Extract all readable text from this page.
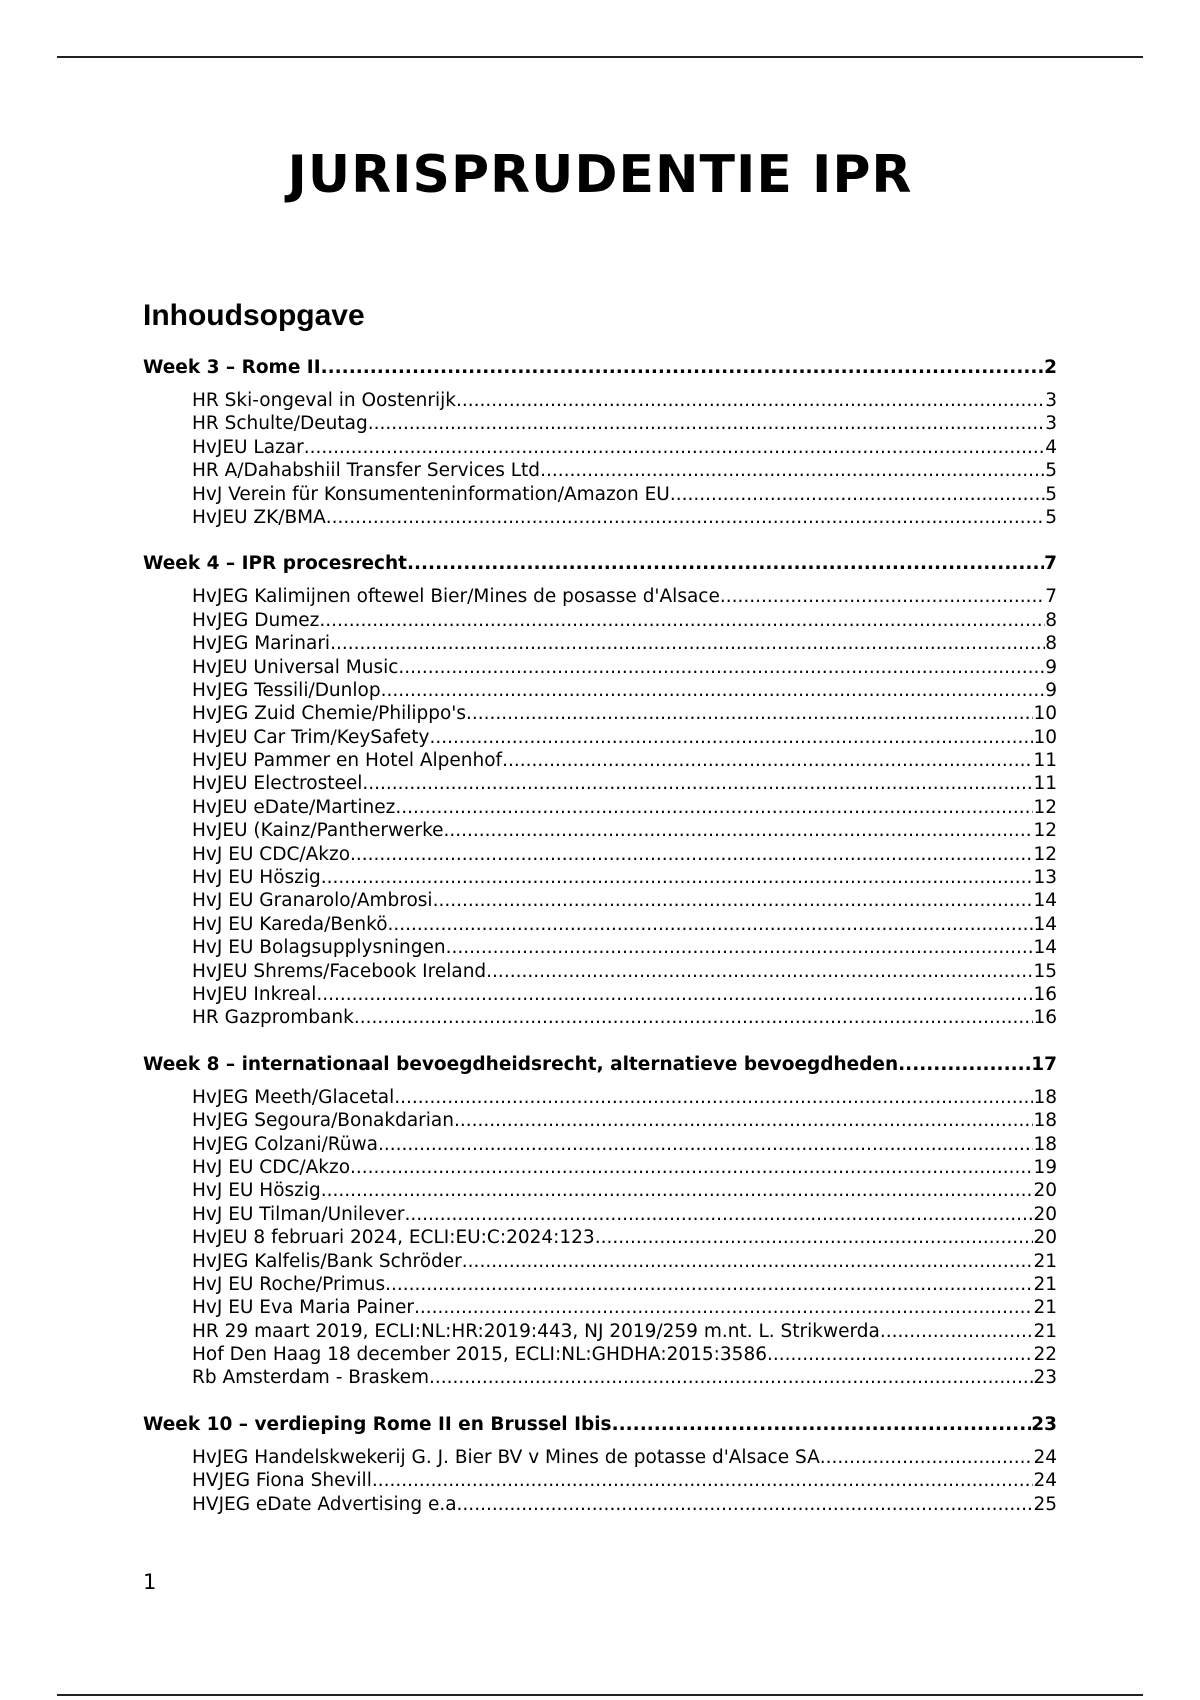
JURISPRUDENTIE IPR
Inhoudsopgave
Week 3 – Rome II .....	2
HR Ski-ongeval in Oostenrijk .....	3
HR Schulte/Deutag .....	3
HvJEU Lazar .....	4
HR A/Dahabshiil Transfer Services Ltd .....	5
HvJ Verein für Konsumenteninformation/Amazon EU .....	5
HvJEU ZK/BMA .....	5
Week 4 – IPR procesrecht .....	7
HvJEG Kalimijnen oftewel Bier/Mines de posasse d'Alsace .....	7
HvJEG Dumez .....	8
HvJEG Marinari .....	8
HvJEU Universal Music .....	9
HvJEG Tessili/Dunlop .....	9
HvJEG Zuid Chemie/Philippo's .....	10
HvJEU Car Trim/KeySafety .....	10
HvJEU Pammer en Hotel Alpenhof .....	11
HvJEU Electrosteel .....	11
HvJEU eDate/Martinez .....	12
HvJEU (Kainz/Pantherwerke .....	12
HvJ EU CDC/Akzo .....	12
HvJ EU Höszig .....	13
HvJ EU Granarolo/Ambrosi .....	14
HvJ EU Kareda/Benkö .....	14
HvJ EU Bolagsupplysningen .....	14
HvJEU Shrems/Facebook Ireland .....	15
HvJEU Inkreal .....	16
HR Gazprombank .....	16
Week 8 – internationaal bevoegdheidsrecht, alternatieve bevoegdheden .....	17
HvJEG Meeth/Glacetal .....	18
HvJEG Segoura/Bonakdarian .....	18
HvJEG Colzani/Rüwa .....	18
HvJ EU CDC/Akzo .....	19
HvJ EU Höszig .....	20
HvJ EU Tilman/Unilever .....	20
HvJEU 8 februari 2024, ECLI:EU:C:2024:123 .....	20
HvJEG Kalfelis/Bank Schröder .....	21
HvJ EU Roche/Primus .....	21
HvJ EU Eva Maria Painer .....	21
HR 29 maart 2019, ECLI:NL:HR:2019:443, NJ 2019/259 m.nt. L. Strikwerda .....	21
Hof Den Haag 18 december 2015, ECLI:NL:GHDHA:2015:3586 .....	22
Rb Amsterdam - Braskem .....	23
Week 10 – verdieping Rome II en Brussel Ibis .....	23
HvJEG Handelskwekerij G. J. Bier BV v Mines de potasse d'Alsace SA .....	24
HVJEG Fiona Shevill .....	24
HVJEG eDate Advertising e.a .....	25
1
